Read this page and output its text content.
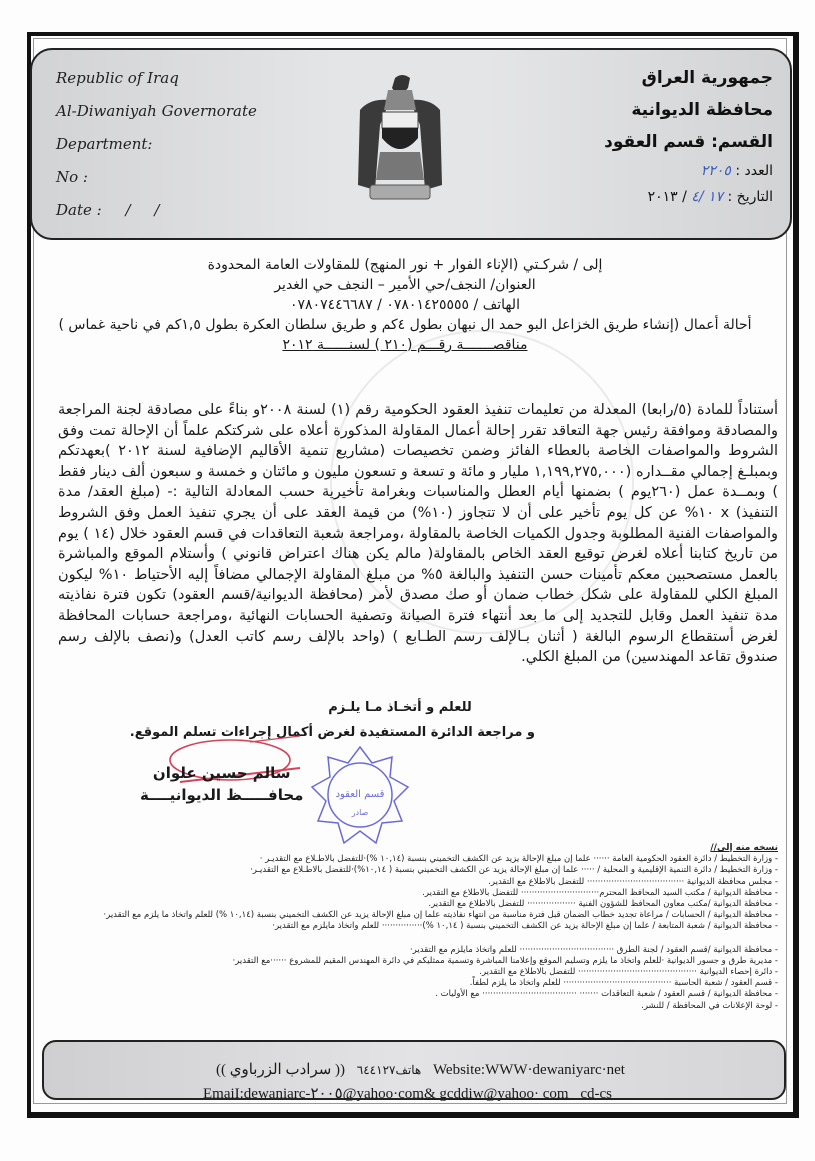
Republic of Iraq
Al-Diwaniyah Governorate
Department:
No :
Date :     /     /
جمهورية العراق
محافظة الديوانية
القسم: قسم العقود
العدد : ٢٢٠٥
التاريخ : ١٧ /٤ / ٢٠١٣
إلى / شركـتي (الإناء الفوار + نور المنهج) للمقاولات العامة المحدودة
العنوان/ النجف/حي الأمير – النجف حي الغدير
الهاتف / ٠٧٨٠١٤٢٥٥٥٥ / ٠٧٨٠٧٤٤٦٦٨٧
أحالة أعمال (إنشاء طريق الخزاعل البو حمد ال نبهان بطول ٤كم و طريق سلطان العكرة بطول ١,٥كم في ناحية غماس )
مناقصـــــــة رقـــم (٢١٠ ) لسنــــــة ٢٠١٢

أستناداً للمادة (٥/رابعا) المعدلة من تعليمات تنفيذ العقود الحكومية رقم (١) لسنة ٢٠٠٨و بناءً على مصادقة لجنة المراجعة والمصادقة وموافقة رئيس جهة التعاقد تقرر إحالة أعمال المقاولة المذكورة أعلاه على شركتكم علماً أن الإحالة تمت وفق الشروط والمواصفات الخاصة بالعطاء الفائز وضمن تخصيصات (مشاريع تنمية الأقاليم الإضافية لسنة ٢٠١٢ )بعهدتكم وبمبلـغ إجمالي مقــداره (١,١٩٩,٢٧٥,٠٠٠ مليار و مائة و تسعة و تسعون مليون و مائتان و خمسة و سبعون ألف دينار فقط ) وبمــدة عمل (٢٦٠يوم ) بضمنها أيام العطل والمناسبات وبغرامة تأخيرية حسب المعادلة التالية :- (مبلغ العقد/ مدة التنفيذ) x ١٠% عن كل يوم تأخير على أن لا تتجاوز (١٠%) من قيمة العقد على أن يجري تنفيذ العمل وفق الشروط والمواصفات الفنية المطلوبة وجدول الكميات الخاصة بالمقاولة ،ومراجعة شعبة التعاقدات في قسم العقود خلال (١٤ ) يوم من تاريخ كتابنا أعلاه لغرض توقيع العقد الخاص بالمقاولة( مالم يكن هناك اعتراض قانوني ) وأستلام الموقع والمباشرة بالعمل مستصحبين معكم تأمينات حسن التنفيذ والبالغة ٥% من مبلغ المقاولة الإجمالي مضافاً إليه الأحتياط ١٠% ليكون المبلغ الكلي للمقاولة على شكل خطاب ضمان أو صك مصدق لأمر (محافظة الديوانية/قسم العقود) تكون فترة نفاذيته مدة تنفيذ العمل وقابل للتجديد إلى ما بعد أنتهاء فترة الصيانة وتصفية الحسابات النهائية ،ومراجعة حسابات المحافظة لغرض أستقطاع الرسوم البالغة ( أثنان بـالإلف رسم الطـابع ) (واحد بالإلف رسم كاتب العدل) و(نصف بالإلف رسم صندوق تقاعد المهندسين) من المبلغ الكلي.

للعلم و أتخـاذ مـا يلـزم
و مراجعة الدائرة المستفيدة لغرض أكمال إجراءات تسلم الموقع.
سالم حسين علوان
محافـــــظ الديوانيــــة	قسم العقود
صادر
نسخه منه إلى//
- وزارة التخطيط / دائرة العقود الحكومية العامة ······ علما إن مبلغ الإحالة يزيد عن الكشف التخميني بنسبة (١٠,١٤ %)·للتفضل بالاطـلاع مع التقديـر ·
- وزارة التخطيط / دائرة التنمية الإقليمية و المحلية / ····· علما إن مبلغ الإحالة يزيد عن الكشف التخميني بنسبة ( ١٠,١٤%)·للتفضل بالاطـلاع مع التقديـر·
- مجلس محافظة الديوانية ···································· للتفضل بالاطلاع مع التقدير.
- محافظة الديوانية / مكتب السيد المحافظ المحترم····························· للتفضل بالاطلاع مع التقدير.
- محافظة الديوانية /مكتب معاون المحافظ للشؤون الفنية ·················· للتفضل بالاطلاع مع التقدير.
- محافظة الديوانية / الحسابات / مراعاة تجديد خطاب الضمان قبل فترة مناسبة من انتهاء نفاذيته علما إن مبلغ الإحالة يزيد عن الكشف التخميني بنسبة (١٠,١٤ %) للعلم واتخاذ ما يلزم مع التقدير·
- محافظة الديوانية / شعبة المتابعة / علما إن مبلغ الإحالة يزيد عن الكشف التخميني بنسبة ( ١٠,١٤ %)··············· للعلم واتخاذ مايلزم مع التقدير·
- محافظة الديوانية /قسم العقود / لجنة الطرق ··································· للعلم واتخاذ مايلزم مع التقدير·
- مديرية طرق و جسور الديوانية ·للعلم واتخاذ ما يلزم وتسليم الموقع وإعلامنا المباشرة وتسمية ممثليكم في دائرة المهندس المقيم للمشروع ······مع التقدير·
- دائرة إحصاء الديوانية ············································ للتفضل بالاطلاع مع التقدير.
- قسم العقود / شعبة الحاسبة ········································ للعلم واتخاذ ما يلزم لطفاً.
- محافظة الديوانية / قسم العقود / شعبة التعاقدات ······· ··································· مع الأوليات .
- لوحة الإعلانات في المحافظة / للنشر.
هاتف٦٤٤١٢٧ (( سرادب الزرباوي ))	Website:WWW·dewaniyarc·net
EmaiI:dewaniarc-٢٠٠٥@yahoo·com& gcddiw@yahoo· com cd-cs
